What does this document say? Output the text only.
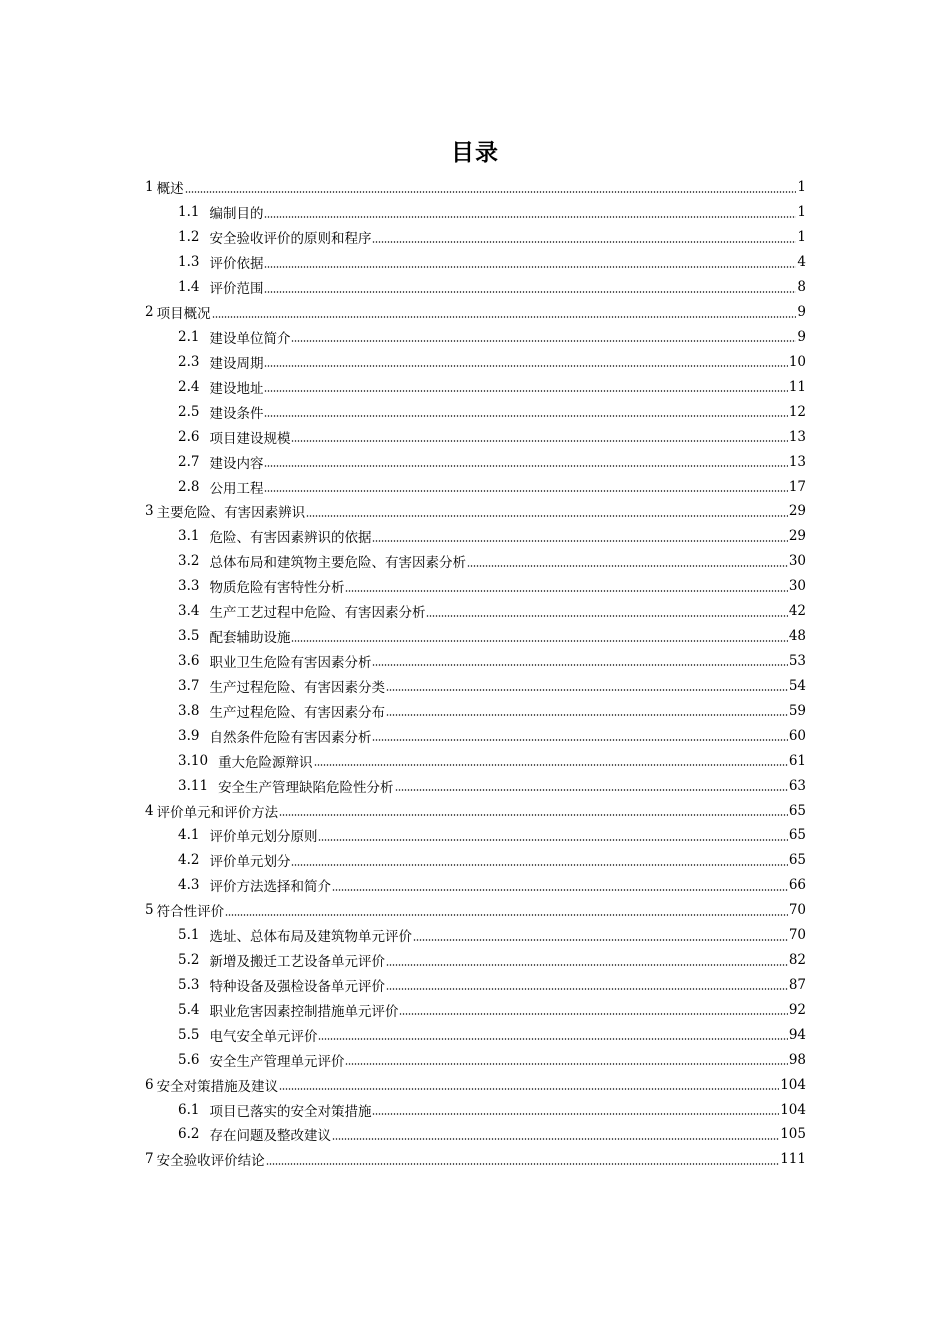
目录
1 概述	1
1.1 编制目的	1
1.2 安全验收评价的原则和程序	1
1.3 评价依据	4
1.4 评价范围	8
2 项目概况	9
2.1 建设单位简介	9
2.3 建设周期	10
2.4 建设地址	11
2.5 建设条件	12
2.6 项目建设规模	13
2.7 建设内容	13
2.8 公用工程	17
3 主要危险、有害因素辨识	29
3.1 危险、有害因素辨识的依据	29
3.2 总体布局和建筑物主要危险、有害因素分析	30
3.3 物质危险有害特性分析	30
3.4 生产工艺过程中危险、有害因素分析	42
3.5 配套辅助设施	48
3.6 职业卫生危险有害因素分析	53
3.7 生产过程危险、有害因素分类	54
3.8 生产过程危险、有害因素分布	59
3.9 自然条件危险有害因素分析	60
3.10 重大危险源辩识	61
3.11 安全生产管理缺陷危险性分析	63
4 评价单元和评价方法	65
4.1 评价单元划分原则	65
4.2 评价单元划分	65
4.3 评价方法选择和简介	66
5 符合性评价	70
5.1 选址、总体布局及建筑物单元评价	70
5.2 新增及搬迁工艺设备单元评价	82
5.3 特种设备及强检设备单元评价	87
5.4 职业危害因素控制措施单元评价	92
5.5 电气安全单元评价	94
5.6 安全生产管理单元评价	98
6 安全对策措施及建议	104
6.1 项目已落实的安全对策措施	104
6.2 存在问题及整改建议	105
7 安全验收评价结论	111
